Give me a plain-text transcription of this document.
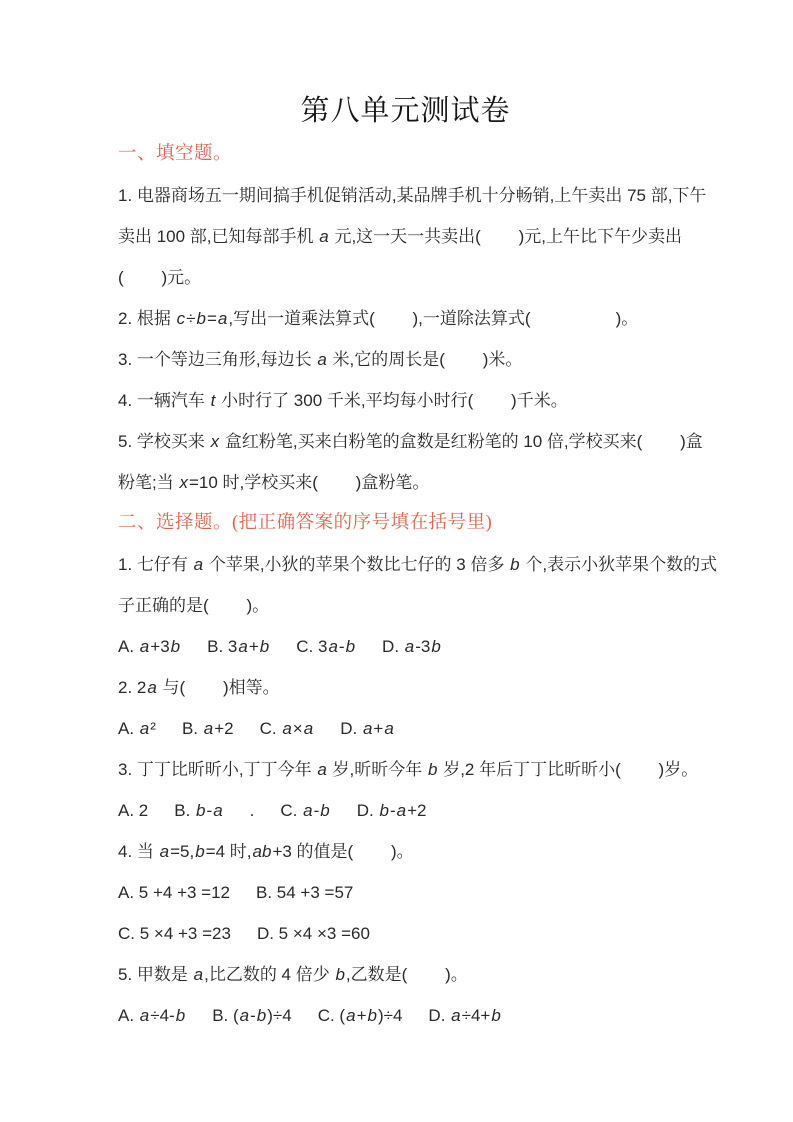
第八单元测试卷
一、填空题。
1. 电器商场五一期间搞手机促销活动,某品牌手机十分畅销,上午卖出 75 部,下午
卖出 100 部,已知每部手机 a 元,这一天一共卖出(        )元,上午比下午少卖出
(        )元。
2. 根据 c÷b=a,写出一道乘法算式(        ),一道除法算式(                  )。
3. 一个等边三角形,每边长 a 米,它的周长是(        )米。
4. 一辆汽车 t 小时行了 300 千米,平均每小时行(        )千米。
5. 学校买来 x 盒红粉笔,买来白粉笔的盒数是红粉笔的 10 倍,学校买来(        )盒
粉笔;当 x=10 时,学校买来(        )盒粉笔。
二、选择题。(把正确答案的序号填在括号里)
1. 七仔有 a 个苹果,小狄的苹果个数比七仔的 3 倍多 b 个,表示小狄苹果个数的式
子正确的是(        )。
A. a+3b B. 3a+b C. 3a-b D. a-3b
2. 2a 与(        )相等。
A. a² B. a+2 C. a×a D. a+a
3. 丁丁比昕昕小,丁丁今年 a 岁,昕昕今年 b 岁,2 年后丁丁比昕昕小(        )岁。
A. 2 B. b-a . C. a-b D. b-a+2
4. 当 a=5,b=4 时,ab+3 的值是(        )。
A. 5 +4 +3 =12 B. 54 +3 =57
C. 5 ×4 +3 =23 D. 5 ×4 ×3 =60
5. 甲数是 a,比乙数的 4 倍少 b,乙数是(        )。
A. a÷4-b B. (a-b)÷4 C. (a+b)÷4 D. a÷4+b
